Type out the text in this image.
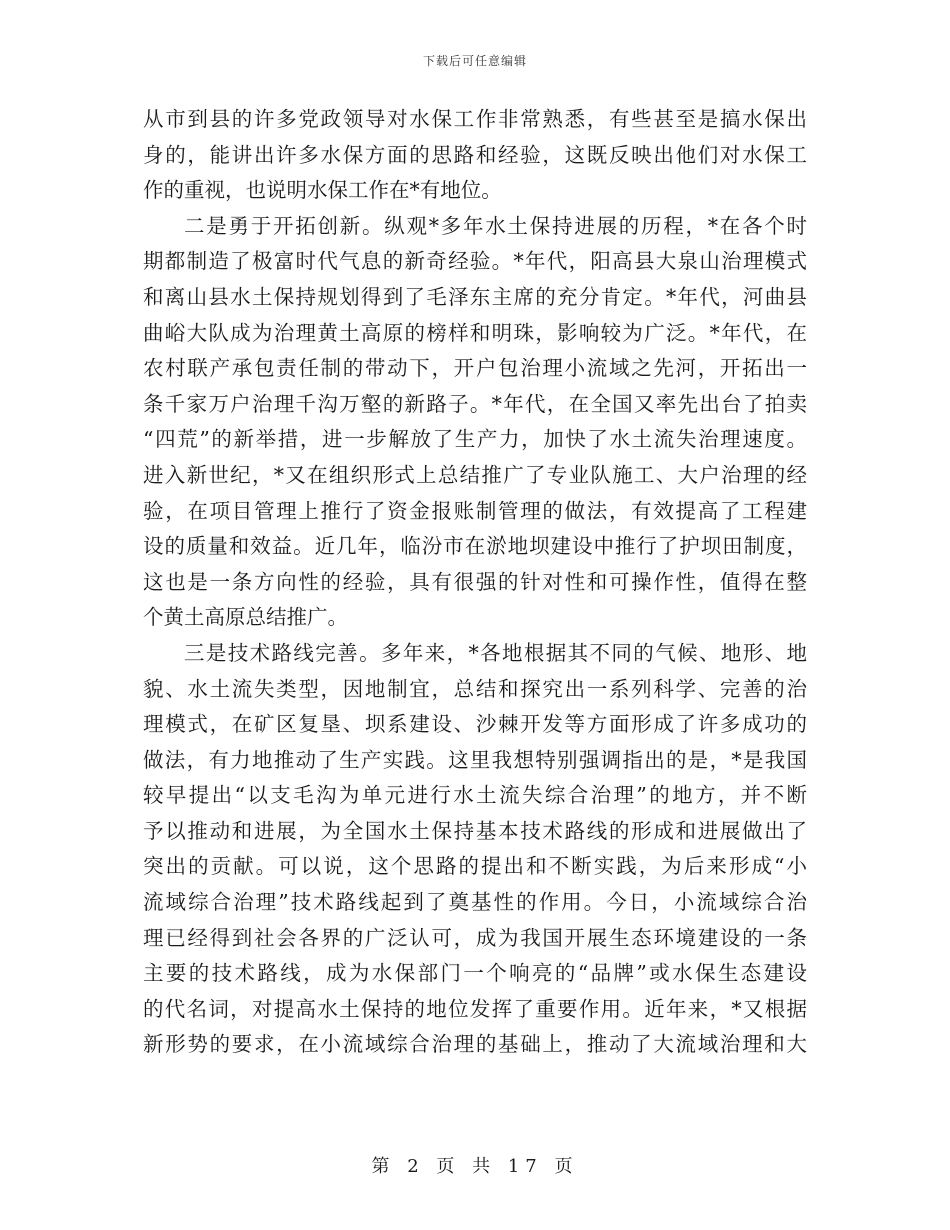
下载后可任意编辑
从市到县的许多党政领导对水保工作非常熟悉，有些甚至是搞水保出
身的，能讲出许多水保方面的思路和经验，这既反映出他们对水保工
作的重视，也说明水保工作在*有地位。
二是勇于开拓创新。纵观*多年水土保持进展的历程，*在各个时
期都制造了极富时代气息的新奇经验。*年代，阳高县大泉山治理模式
和离山县水土保持规划得到了毛泽东主席的充分肯定。*年代，河曲县
曲峪大队成为治理黄土高原的榜样和明珠，影响较为广泛。*年代，在
农村联产承包责任制的带动下，开户包治理小流域之先河，开拓出一
条千家万户治理千沟万壑的新路子。*年代，在全国又率先出台了拍卖
“四荒”的新举措，进一步解放了生产力，加快了水土流失治理速度。
进入新世纪，*又在组织形式上总结推广了专业队施工、大户治理的经
验，在项目管理上推行了资金报账制管理的做法，有效提高了工程建
设的质量和效益。近几年，临汾市在淤地坝建设中推行了护坝田制度，
这也是一条方向性的经验，具有很强的针对性和可操作性，值得在整
个黄土高原总结推广。
三是技术路线完善。多年来，*各地根据其不同的气候、地形、地
貌、水土流失类型，因地制宜，总结和探究出一系列科学、完善的治
理模式，在矿区复垦、坝系建设、沙棘开发等方面形成了许多成功的
做法，有力地推动了生产实践。这里我想特别强调指出的是，*是我国
较早提出“以支毛沟为单元进行水土流失综合治理”的地方，并不断
予以推动和进展，为全国水土保持基本技术路线的形成和进展做出了
突出的贡献。可以说，这个思路的提出和不断实践，为后来形成“小
流域综合治理”技术路线起到了奠基性的作用。今日，小流域综合治
理已经得到社会各界的广泛认可，成为我国开展生态环境建设的一条
主要的技术路线，成为水保部门一个响亮的“品牌”或水保生态建设
的代名词，对提高水土保持的地位发挥了重要作用。近年来，*又根据
新形势的要求，在小流域综合治理的基础上，推动了大流域治理和大
第 2 页 共 17 页
